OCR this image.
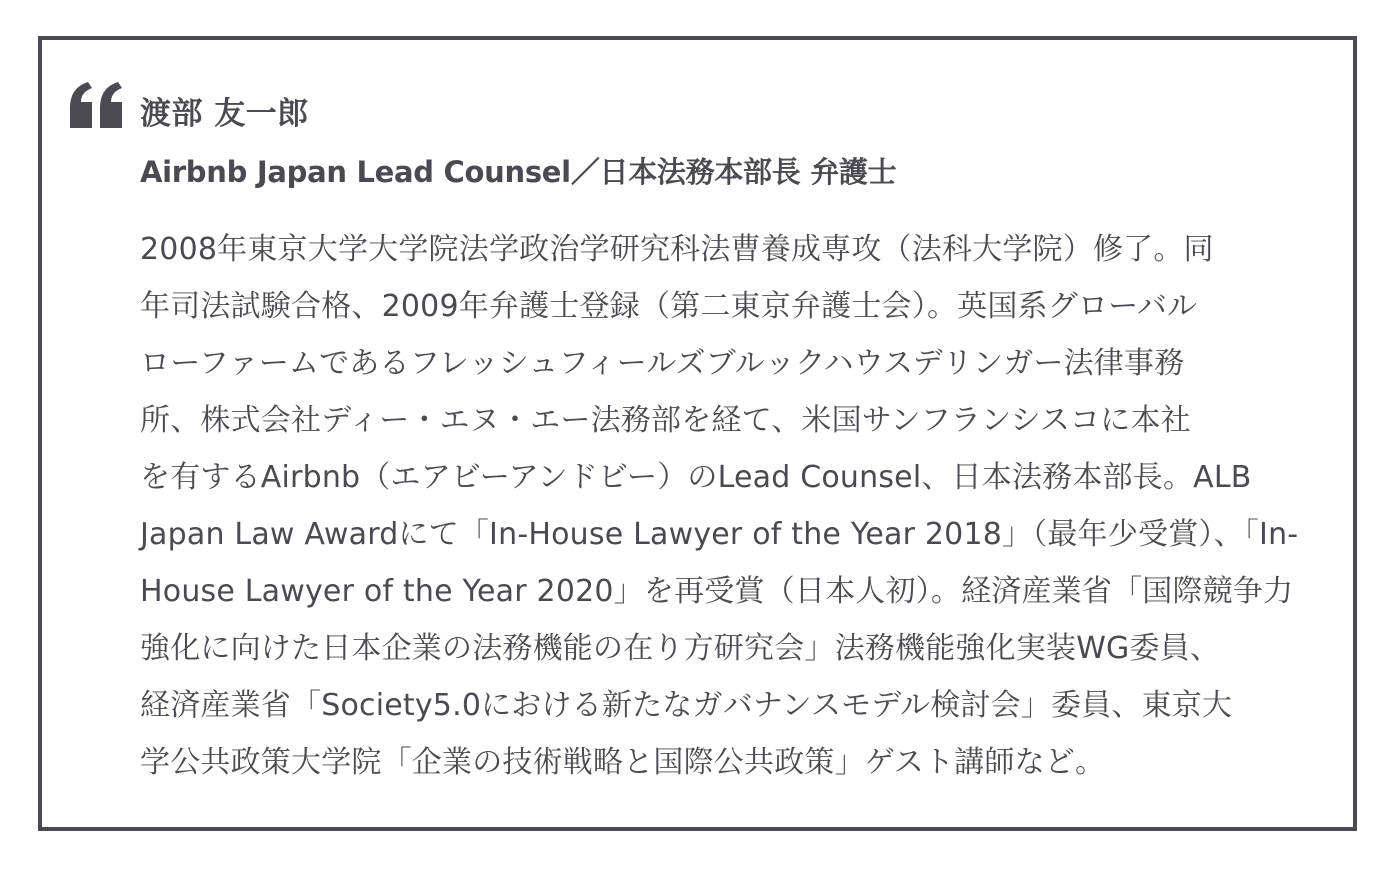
渡部 友一郎
Airbnb Japan Lead Counsel／日本法務本部長 弁護士
2008年東京大学大学院法学政治学研究科法曹養成専攻（法科大学院）修了。同
年司法試験合格、2009年弁護士登録（第二東京弁護士会）。英国系グローバル
ローファームであるフレッシュフィールズブルックハウスデリンガー法律事務
所、株式会社ディー・エヌ・エー法務部を経て、米国サンフランシスコに本社
を有するAirbnb（エアビーアンドビー）のLead Counsel、日本法務本部長。ALB
Japan Law Awardにて「In-House Lawyer of the Year 2018」（最年少受賞）、「In-
House Lawyer of the Year 2020」を再受賞（日本人初）。経済産業省「国際競争力
強化に向けた日本企業の法務機能の在り方研究会」法務機能強化実装WG委員、
経済産業省「Society5.0における新たなガバナンスモデル検討会」委員、東京大
学公共政策大学院「企業の技術戦略と国際公共政策」ゲスト講師など。
